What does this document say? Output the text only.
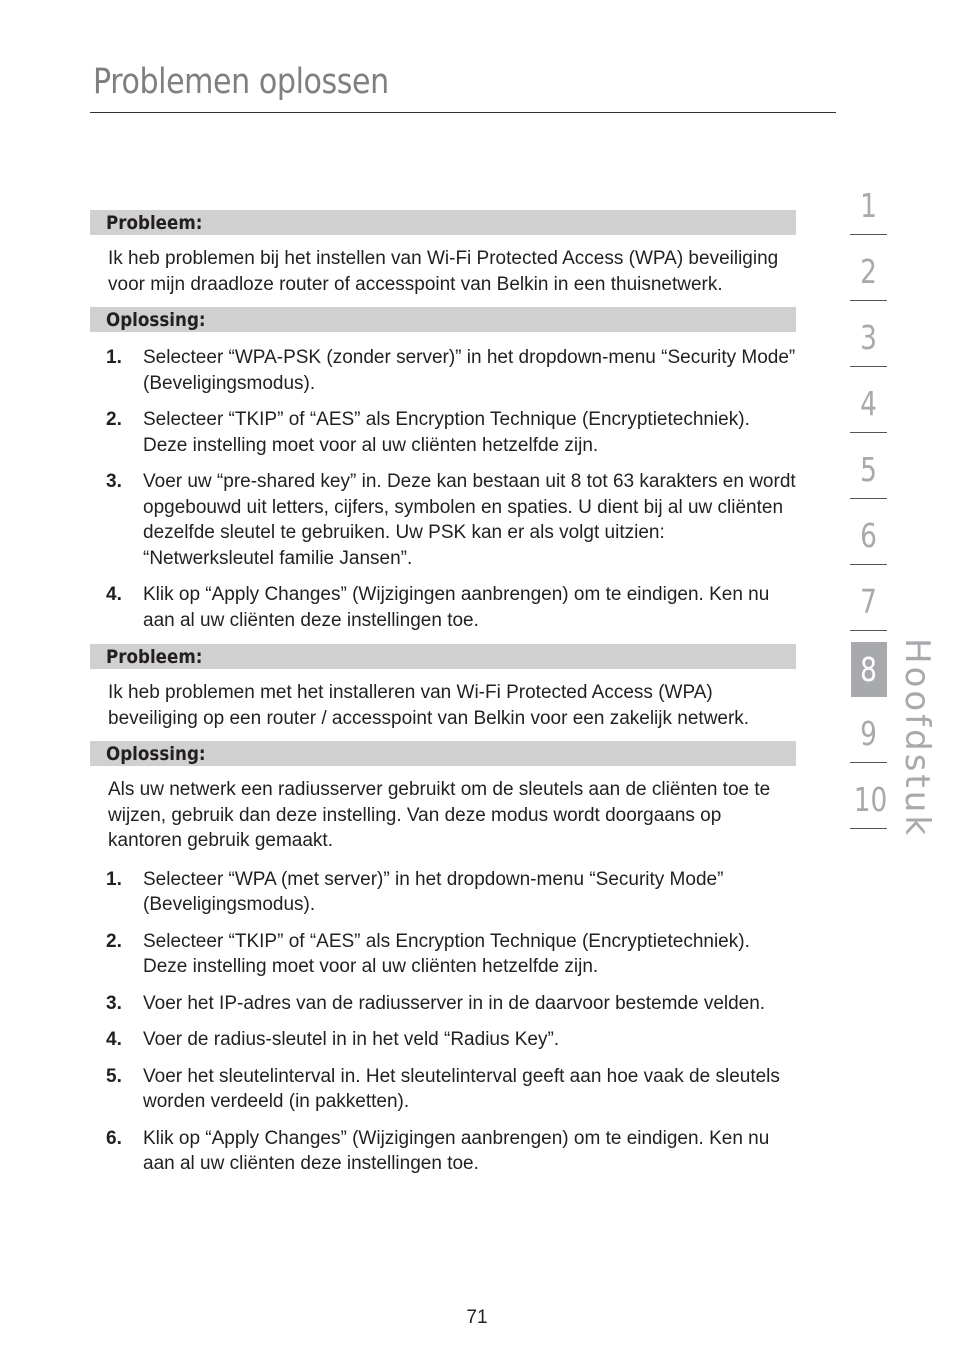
Problemen oplossen
Probleem:
Ik heb problemen bij het instellen van Wi-Fi Protected Access (WPA) beveiliging voor mijn draadloze router of accesspoint van Belkin in een thuisnetwerk.
Oplossing:
1. Selecteer “WPA-PSK (zonder server)” in het dropdown-menu “Security Mode” (Beveligingsmodus).
2. Selecteer “TKIP” of “AES” als Encryption Technique (Encryptietechniek). Deze instelling moet voor al uw cliënten hetzelfde zijn.
3. Voer uw “pre-shared key” in. Deze kan bestaan uit 8 tot 63 karakters en wordt opgebouwd uit letters, cijfers, symbolen en spaties. U dient bij al uw cliënten dezelfde sleutel te gebruiken. Uw PSK kan er als volgt uitzien: “Netwerksleutel familie Jansen”.
4. Klik op “Apply Changes” (Wijzigingen aanbrengen) om te eindigen. Ken nu aan al uw cliënten deze instellingen toe.
Probleem:
Ik heb problemen met het installeren van Wi-Fi Protected Access (WPA) beveiliging op een router / accesspoint van Belkin voor een zakelijk netwerk.
Oplossing:
Als uw netwerk een radiusserver gebruikt om de sleutels aan de cliënten toe te wijzen, gebruik dan deze instelling. Van deze modus wordt doorgaans op kantoren gebruik gemaakt.
1. Selecteer “WPA (met server)” in het dropdown-menu “Security Mode” (Beveligingsmodus).
2. Selecteer “TKIP” of “AES” als Encryption Technique (Encryptietechniek). Deze instelling moet voor al uw cliënten hetzelfde zijn.
3. Voer het IP-adres van de radiusserver in in de daarvoor bestemde velden.
4. Voer de radius-sleutel in in het veld “Radius Key”.
5. Voer het sleutelinterval in. Het sleutelinterval geeft aan hoe vaak de sleutels worden verdeeld (in pakketten).
6. Klik op “Apply Changes” (Wijzigingen aanbrengen) om te eindigen. Ken nu aan al uw cliënten deze instellingen toe.
1
2
3
4
5
6
7
8
9
10 Hoofdstuk
71
